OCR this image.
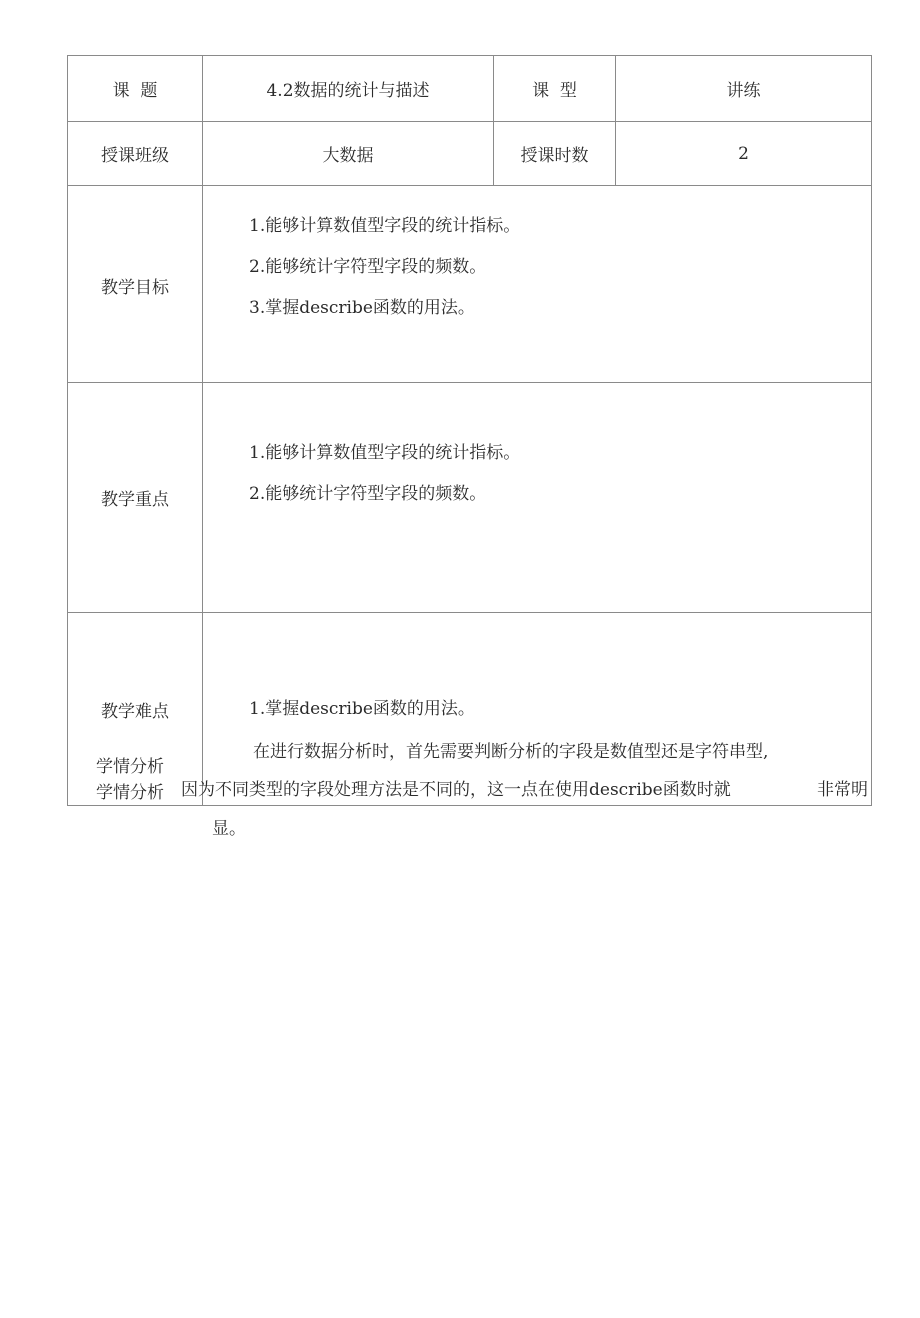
课  题	4.2数据的统计与描述	课  型	讲练
授课班级	大数据	授课时数	2
教学目标	1.能够计算数值型字段的统计指标。
2.能够统计字符型字段的频数。
3.掌握describe函数的用法。		

教学重点	1.能够计算数值型字段的统计指标。
2.能够统计字符型字段的频数。		

教学难点	1.掌握describe函数的用法。		
学情分析
学情分析
在进行数据分析时，首先需要判断分析的字段是数值型还是字符串型,
因为不同类型的字段处理方法是不同的，这一点在使用describe函数时就	非常明
显。
